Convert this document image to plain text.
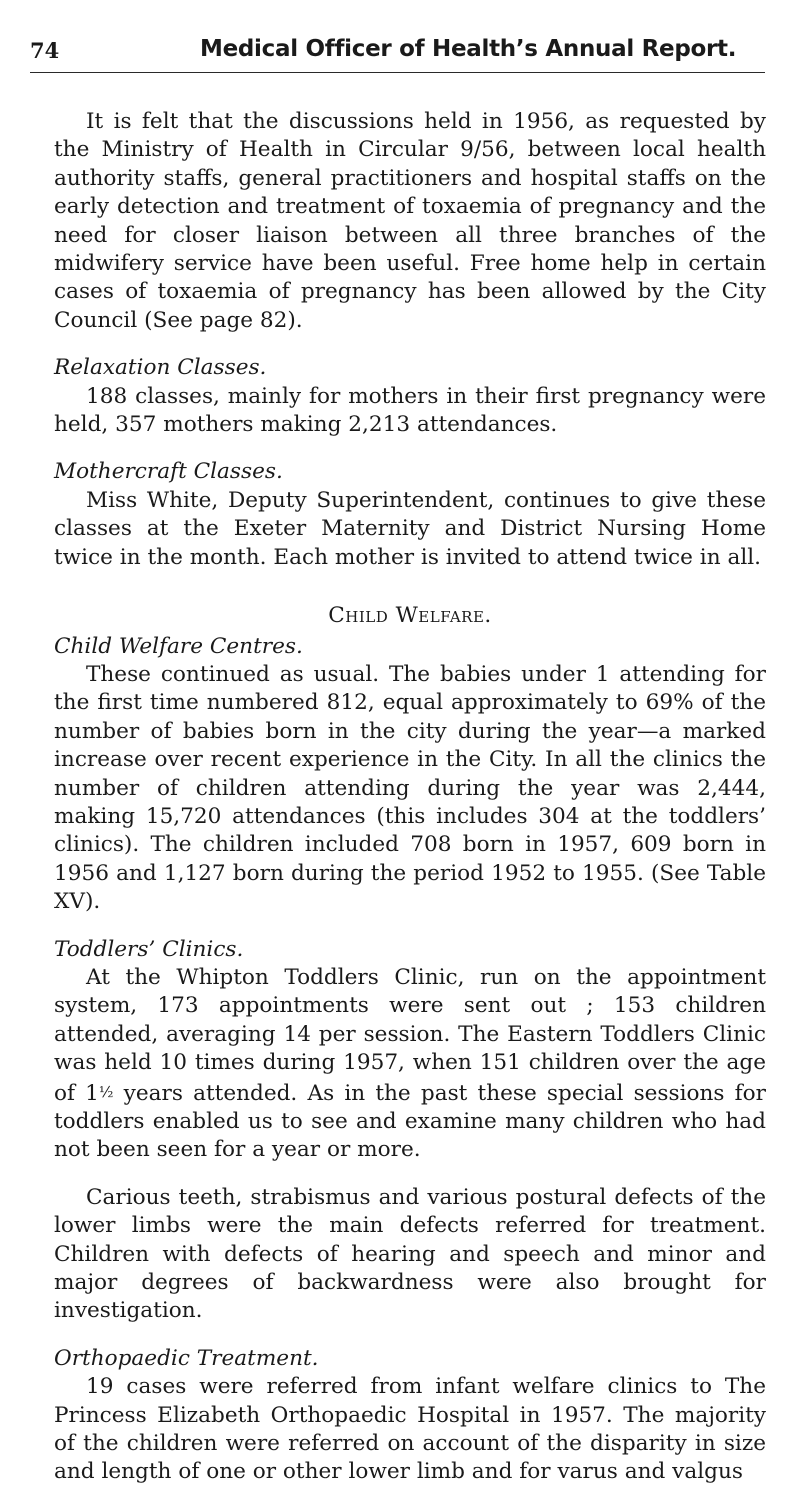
74	Medical Officer of Health’s Annual Report.

It is felt that the discussions held in 1956, as requested by the Ministry of Health in Circular 9/56, between local health authority staffs, general practitioners and hospital staffs on the early detection and treatment of toxaemia of pregnancy and the need for closer liaison between all three branches of the midwifery service have been useful. Free home help in certain cases of toxaemia of pregnancy has been allowed by the City Council (See page 82).

Relaxation Classes.

188 classes, mainly for mothers in their first pregnancy were held, 357 mothers making 2,213 attendances.

Mothercraft Classes.

Miss White, Deputy Superintendent, continues to give these classes at the Exeter Maternity and District Nursing Home twice in the month. Each mother is invited to attend twice in all.

Child Welfare.
Child Welfare Centres.

These continued as usual. The babies under 1 attending for the first time numbered 812, equal approximately to 69% of the number of babies born in the city during the year—a marked increase over recent experience in the City. In all the clinics the number of children attending during the year was 2,444, making 15,720 attendances (this includes 304 at the toddlers’ clinics). The children included 708 born in 1957, 609 born in 1956 and 1,127 born during the period 1952 to 1955. (See Table XV).

Toddlers’ Clinics.

At the Whipton Toddlers Clinic, run on the appointment system, 173 appointments were sent out ; 153 children attended, averaging 14 per session. The Eastern Toddlers Clinic was held 10 times during 1957, when 151 children over the age of 1½ years attended. As in the past these special sessions for toddlers enabled us to see and examine many children who had not been seen for a year or more.

Carious teeth, strabismus and various postural defects of the lower limbs were the main defects referred for treatment. Children with defects of hearing and speech and minor and major degrees of backwardness were also brought for investigation.

Orthopaedic Treatment.

19 cases were referred from infant welfare clinics to The Princess Elizabeth Orthopaedic Hospital in 1957. The majority of the children were referred on account of the disparity in size and length of one or other lower limb and for varus and valgus
